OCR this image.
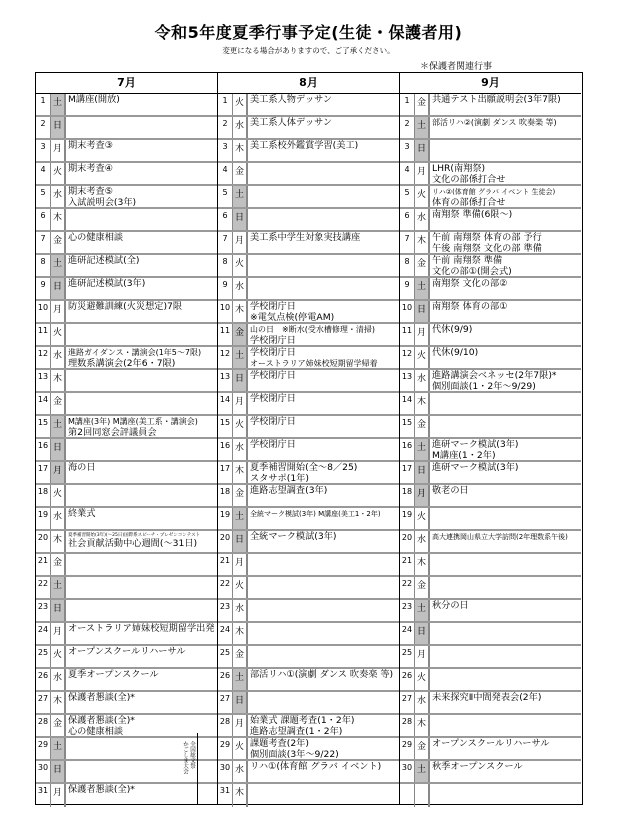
令和5年度夏季行事予定(生徒・保護者用)
変更になる場合がありますので、ご了承ください。
＊保護者関連行事
7月
1 土 M講座(開放)
2 日
3 月 期末考査③
4 火 期末考査④
5 水 期末考査⑤
入試説明会(3年)
6 木
7 金 心の健康相談
8 土 進研記述模試(全)
9 日 進研記述模試(3年)
10 月 防災避難訓練(火災想定)7限
11 火
12 水 進路ガイダンス・講演会(1年5～7限)
理数系講演会(2年6・7限)
13 木
14 金
15 土 M講座(3年) M講座(美工系・講演会)
第2回同窓会評議員会
16 日
17 月 海の日
18 火
19 水 終業式
20 木	夏季補習開始(3年)(～25日)国際系スピーチ・プレゼンコンテスト
社会貢献活動中心週間(～31日)
21 金
22 土
23 日
24 月 オーストラリア姉妹校短期留学出発
25 火 オープンスクールリハーサル
26 水 夏季オープンスクール
27 木 保護者懇談(全)*
28 金 保護者懇談(全)*
心の健康相談
29 土
30 日
31 月 保護者懇談(全)*
8月
1 火 美工系人物デッサン
2 水 美工系人体デッサン
3 木 美工系校外鑑賞学習(美工)
4 金
5 土
6 日
7 月 美工系中学生対象実技講座
8 火
9 水
10 木 学校閉庁日
※電気点検(停電AM)
11 金 山の日　※断水(受水槽修理・清掃)
学校閉庁日
12 土 学校閉庁日
オーストラリア姉妹校短期留学帰着
13 日 学校閉庁日
14 月 学校閉庁日
15 火 学校閉庁日
16 水 学校閉庁日
17 木 夏季補習開始(全～8／25)
スタサポ(1年)
18 金 進路志望調査(3年)
19 土 全統マーク模試(3年) M講座(美工1・2年)
20 日 全統マーク模試(3年)
21 月
22 火
23 水
24 木
25 金
26 土 部活リハ①(演劇 ダンス 吹奏楽 等)
27 日
28 月 始業式 課題考査(1・2年)
進路志望調査(1・2年)
29 火 課題考査(2年)
個別面談(3年～9/22)
30 水 リハ①(体育館 グラバ イベント)
31 木
9月
1 金 共通テスト出願説明会(3年7限)
2 土 部活リハ②(演劇 ダンス 吹奏楽 等)
3 日
4 月 LHR(南翔祭)
文化の部係打合せ
5 火 リハ②(体育館 グラバ イベント 生徒会)
体育の部係打合せ
6 水 南翔祭 準備(6限～)
7 木 午前 南翔祭 体育の部 予行
午後 南翔祭 文化の部 準備
8 金 午前 南翔祭 準備
文化の部①(開会式)
9 土 南翔祭 文化の部②
10 日 南翔祭 体育の部①
11 月 代休(9/9)
12 火 代休(9/10)
13 水 進路講演会ベネッセ(2年7限)*
個別面談(1・2年～9/29)
14 木
15 金
16 土 進研マーク模試(3年)
M講座(1・2年)
17 日 進研マーク模試(3年)
18 月 敬老の日
19 火
20 水 高大連携岡山県立大学訪問(2年理数系午後)
21 木
22 金
23 土 秋分の日
24 日
25 月
26 火
27 水 未来探究Ⅱ中間発表会(2年)
28 木
29 金 オープンスクールリハーサル
30 土 秋季オープンスクール
全国総文祭
かごしま大会
